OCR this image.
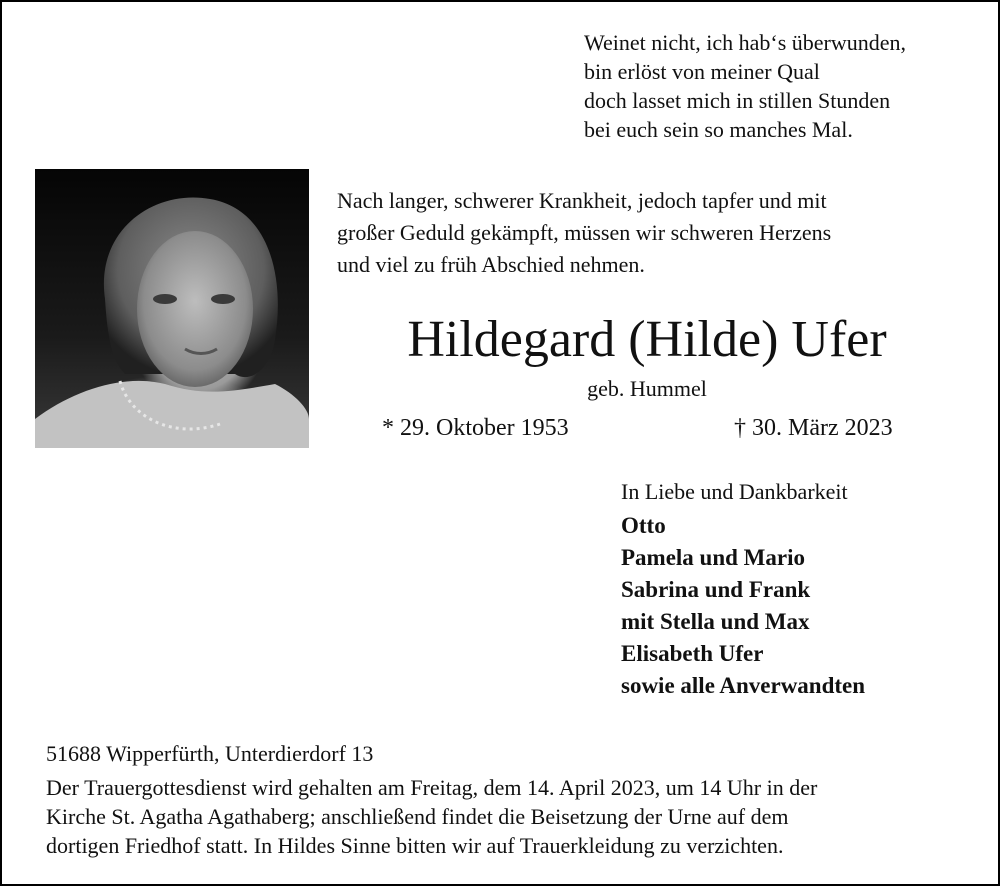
Weinet nicht, ich hab‘s überwunden,
bin erlöst von meiner Qual
doch lasset mich in stillen Stunden
bei euch sein so manches Mal.
Nach langer, schwerer Krankheit, jedoch tapfer und mit
großer Geduld gekämpft, müssen wir schweren Herzens
und viel zu früh Abschied nehmen.
Hildegard (Hilde) Ufer
geb. Hummel
* 29. Oktober 1953	† 30. März 2023
In Liebe und Dankbarkeit
Otto
Pamela und Mario
Sabrina und Frank
mit Stella und Max
Elisabeth Ufer
sowie alle Anverwandten
51688 Wipperfürth, Unterdierdorf 13
Der Trauergottesdienst wird gehalten am Freitag, dem 14. April 2023, um 14 Uhr in der
Kirche St. Agatha Agathaberg; anschließend findet die Beisetzung der Urne auf dem
dortigen Friedhof statt. In Hildes Sinne bitten wir auf Trauerkleidung zu verzichten.
